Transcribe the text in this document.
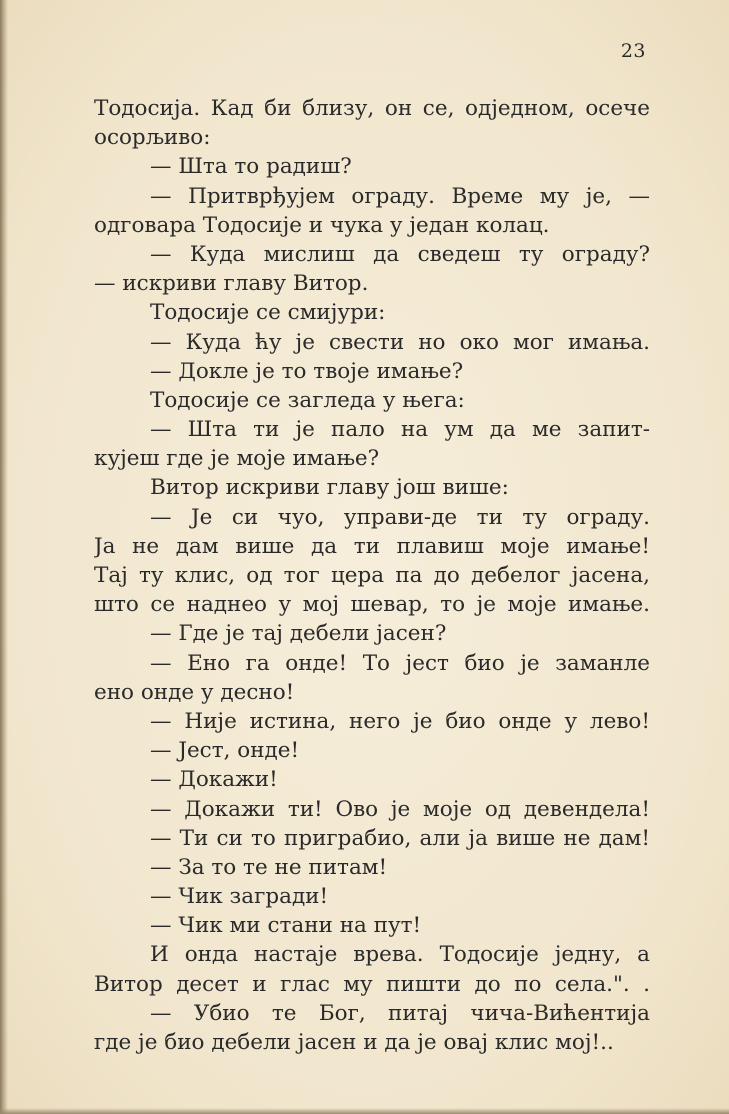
23
Тодосија. Кад би близу, он се, одједном, осече
осорљиво:
— Шта то радиш?
— Притврђујем ограду. Време му је, —
одговара Тодосије и чука у један колац.
— Куда мислиш да сведеш ту ограду?
— искриви главу Витор.
Тодосије се смијури:
— Куда ћу је свести но око мог имања.
— Докле је то твоје имање?
Тодосије се загледа у њега:
— Шта ти је пало на ум да ме запит-
кујеш где је моје имање?
Витор искриви главу још више:
— Је си чуо, управи-де ти ту ограду.
Ја не дам више да ти плавиш моје имање!
Тај ту клис, од тог цера па до дебелог јасена,
што се наднео у мој шевар, то је моје имање.
— Где је тај дебели јасен?
— Ено га онде! То јест био је заманле
ено онде у десно!
— Није истина, него је био онде у лево!
— Јест, онде!
— Докажи!
— Докажи ти! Ово је моје од девендела!
— Ти си то приграбио, али ја више не дам!
— За то те не питам!
— Чик загради!
— Чик ми стани на пут!
И онда настаје врева. Тодосије једну, а
Витор десет и глас му пишти до по села.". .
— Убио те Бог, питај чича-Вићентија
где је био дебели јасен и да је овај клис мој!..
